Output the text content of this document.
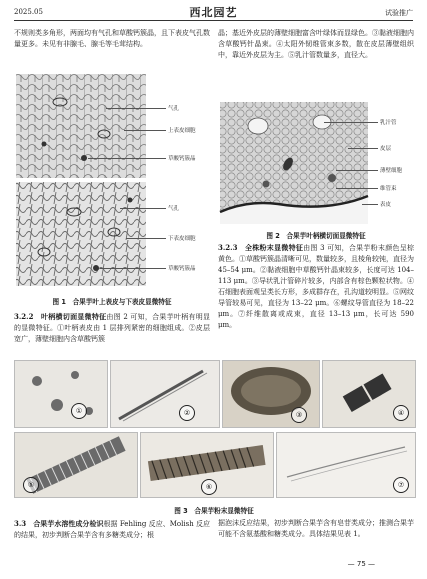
2025.05	西北园艺	试验推广

不规则类多角形，两面均有气孔和草酸钙簇晶，且下表皮气孔数量更多。未见有非腺毛、腺毛等毛茸结构。

气孔
上表皮细胞
草酸钙簇晶
气孔
下表皮细胞
草酸钙簇晶
图 1　合果芋叶上表皮与下表皮显微特征

3.2.2　叶柄横切面显微特征由图 2 可知，合果芋叶柄有明显的显微特征。①叶柄表皮由 1 层排列紧密的细胞组成。②皮层宽广，薄壁细胞内含草酸钙簇

晶；基近外皮层的薄壁细胞富含叶绿体而显绿色。③黏液细胞内含草酸钙针晶束。④太阳外韧维管束多数，散在皮层薄壁组织中，靠近外皮层为主。⑤乳汁管数量多，直径大。

乳汁管
皮层
薄壁细胞
维管束
表皮
图 2　合果芋叶柄横切面显微特征

3.2.3　全株粉末显微特征由图 3 可知，合果芋粉末颜色呈棕黄色。①草酸钙簇晶清晰可见，数量较多，且棱角较钝，直径为 45–54 μm。②黏液细胞中草酸钙针晶束较多，长度可达 104–113 μm。③导状乳汁管碎片较多，内部含有棕色颗粒状物。④石细胞表面观呈类长方形，多成群存在，孔沟道较明显。⑤网纹导管较易可见，直径为 13–22 μm。⑥螺纹导管直径为 18–22 μm。⑦纤维散离或成束，直径 13–13 μm，长可达 590 μm。

①	②	③	④
⑤	⑥	⑦
图 3　合果芋粉末显微特征

3.3　合果芋水溶性成分检识根据 Fehling 反应、Molish 反应的结果，初步判断合果芋含有多糖类成分；根

据泡沫反应结果，初步判断合果芋含有皂苷类成分；推测合果芋可能不含氨基酸和糖类成分。具体结果见表 1。

— 75 —
